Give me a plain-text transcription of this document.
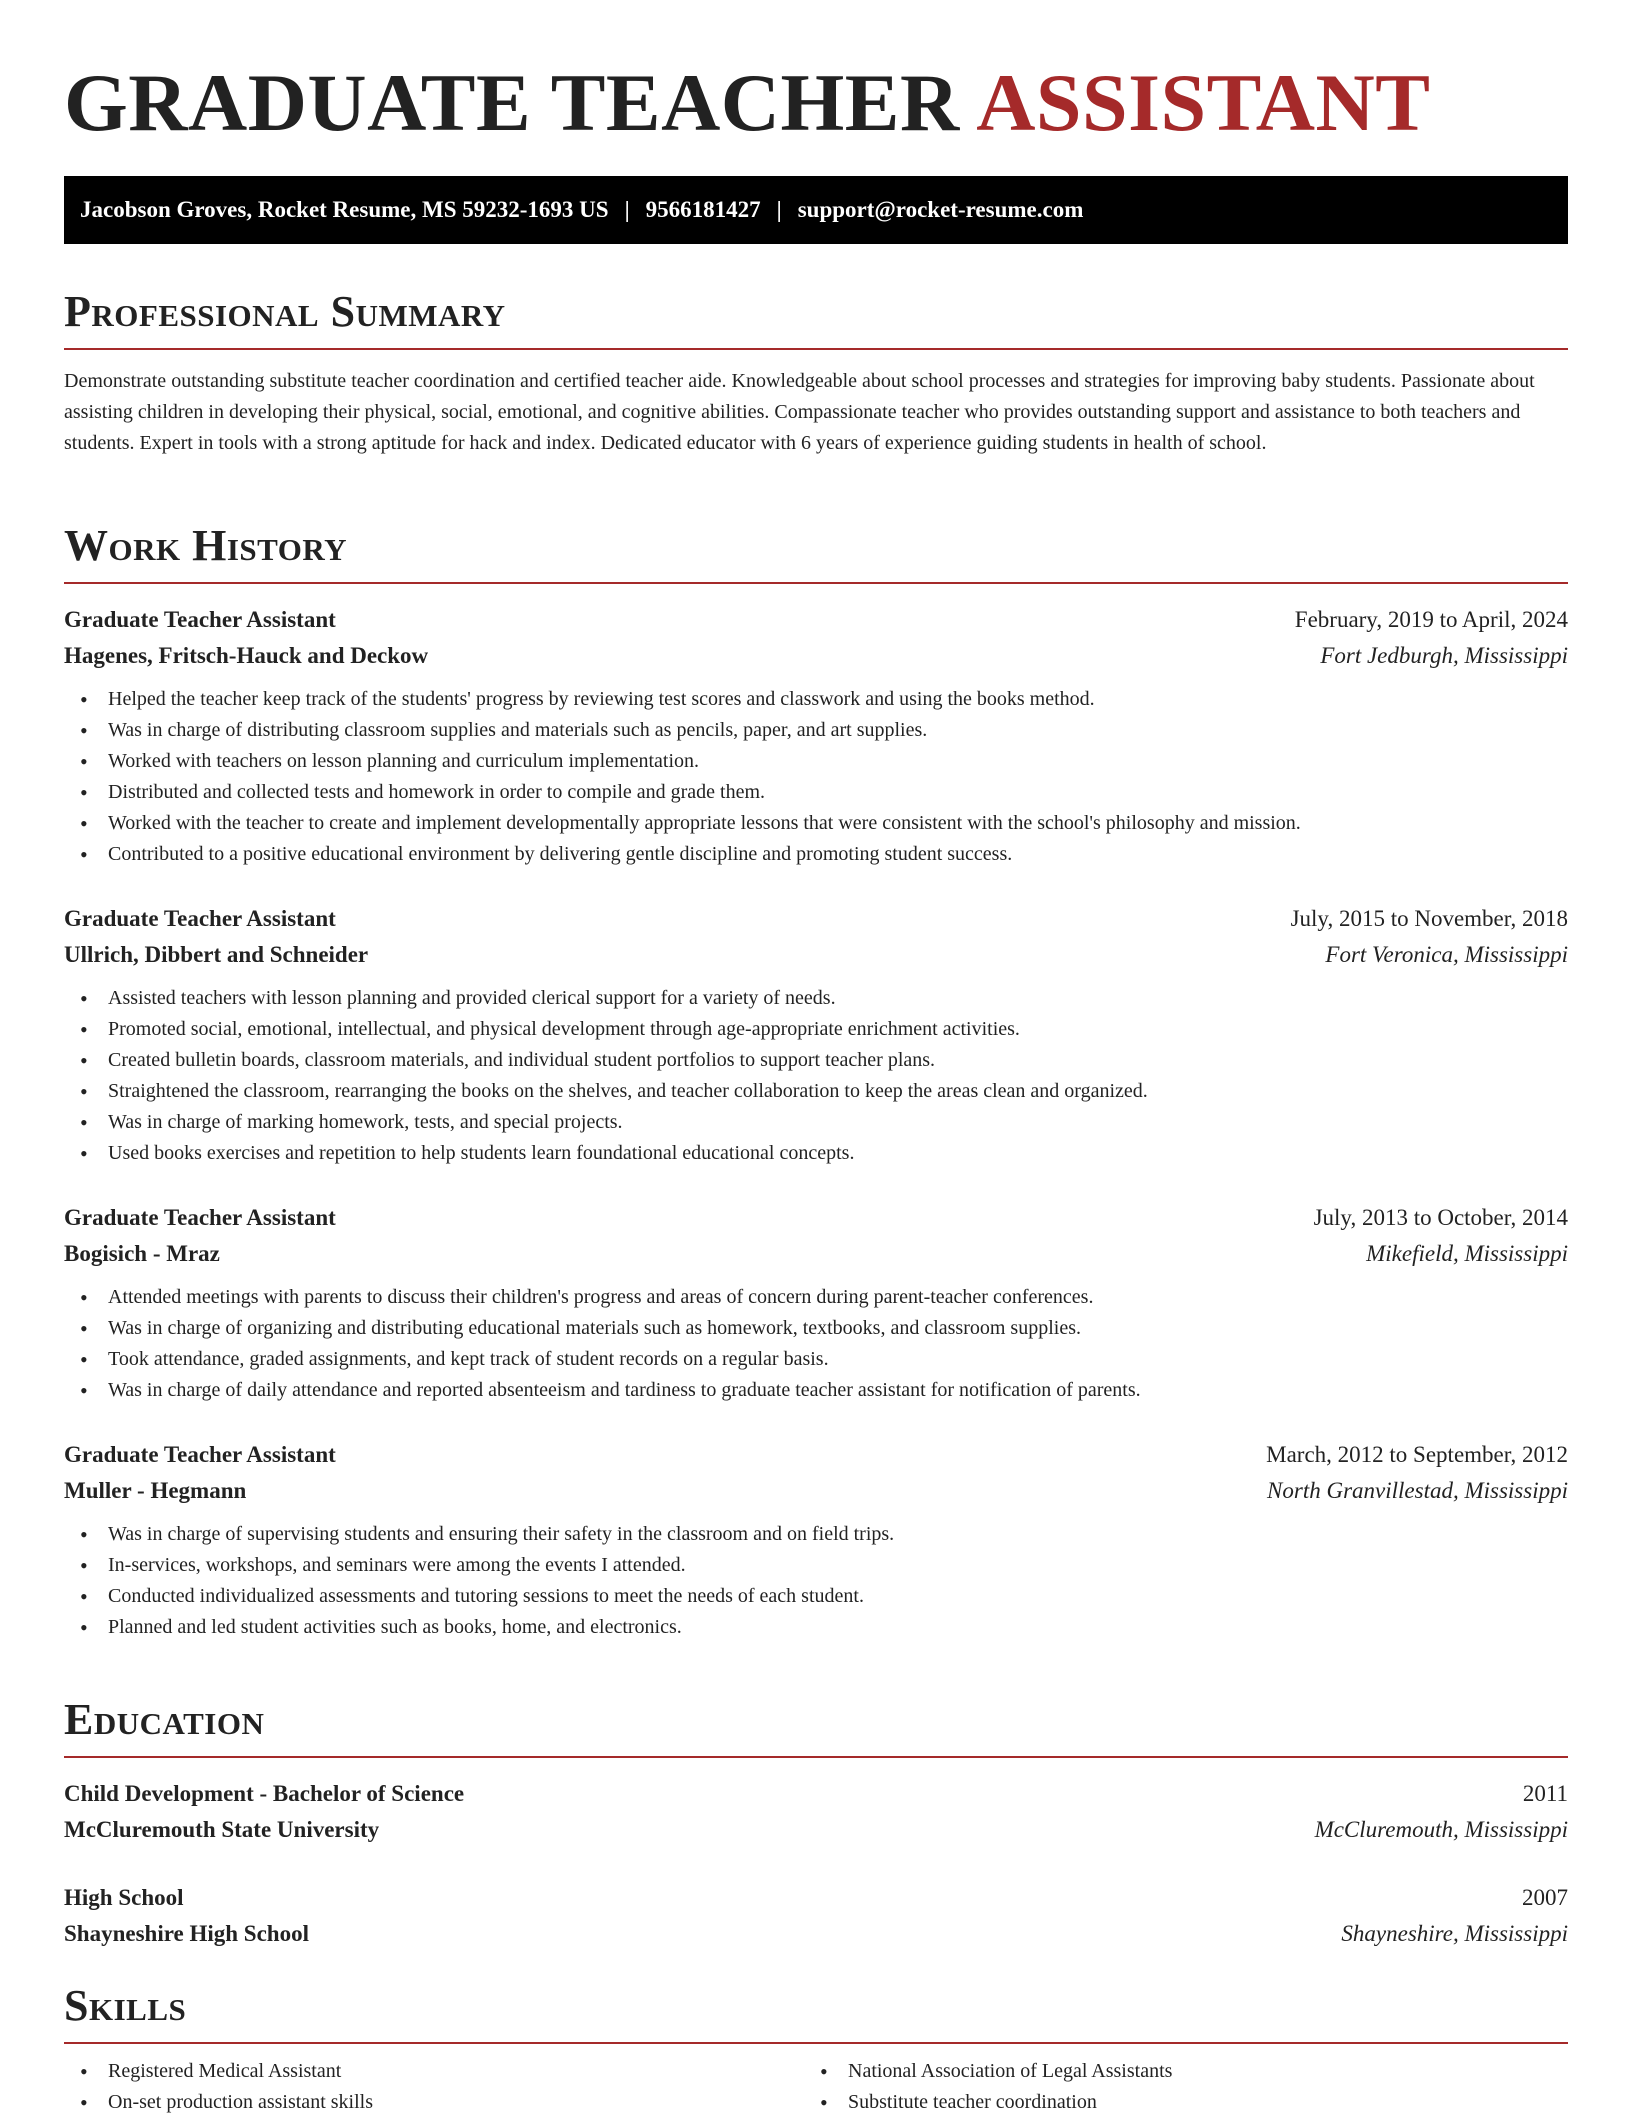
GRADUATE TEACHER ASSISTANT
Jacobson Groves, Rocket Resume, MS 59232-1693 US | 9566181427 | support@rocket-resume.com
Professional Summary

Demonstrate outstanding substitute teacher coordination and certified teacher aide. Knowledgeable about school processes and strategies for improving baby students. Passionate about assisting children in developing their physical, social, emotional, and cognitive abilities. Compassionate teacher who provides outstanding support and assistance to both teachers and students. Expert in tools with a strong aptitude for hack and index. Dedicated educator with 6 years of experience guiding students in health of school.

Work History
Graduate Teacher Assistant	February, 2019 to April, 2024
Hagenes, Fritsch-Hauck and Deckow	Fort Jedburgh, Mississippi
• Helped the teacher keep track of the students' progress by reviewing test scores and classwork and using the books method.
• Was in charge of distributing classroom supplies and materials such as pencils, paper, and art supplies.
• Worked with teachers on lesson planning and curriculum implementation.
• Distributed and collected tests and homework in order to compile and grade them.
• Worked with the teacher to create and implement developmentally appropriate lessons that were consistent with the school's philosophy and mission.
• Contributed to a positive educational environment by delivering gentle discipline and promoting student success.
Graduate Teacher Assistant	July, 2015 to November, 2018
Ullrich, Dibbert and Schneider	Fort Veronica, Mississippi
• Assisted teachers with lesson planning and provided clerical support for a variety of needs.
• Promoted social, emotional, intellectual, and physical development through age-appropriate enrichment activities.
• Created bulletin boards, classroom materials, and individual student portfolios to support teacher plans.
• Straightened the classroom, rearranging the books on the shelves, and teacher collaboration to keep the areas clean and organized.
• Was in charge of marking homework, tests, and special projects.
• Used books exercises and repetition to help students learn foundational educational concepts.
Graduate Teacher Assistant	July, 2013 to October, 2014
Bogisich - Mraz	Mikefield, Mississippi
• Attended meetings with parents to discuss their children's progress and areas of concern during parent-teacher conferences.
• Was in charge of organizing and distributing educational materials such as homework, textbooks, and classroom supplies.
• Took attendance, graded assignments, and kept track of student records on a regular basis.
• Was in charge of daily attendance and reported absenteeism and tardiness to graduate teacher assistant for notification of parents.
Graduate Teacher Assistant	March, 2012 to September, 2012
Muller - Hegmann	North Granvillestad, Mississippi
• Was in charge of supervising students and ensuring their safety in the classroom and on field trips.
• In-services, workshops, and seminars were among the events I attended.
• Conducted individualized assessments and tutoring sessions to meet the needs of each student.
• Planned and led student activities such as books, home, and electronics.
Education
Child Development - Bachelor of Science	2011
McCluremouth State University	McCluremouth, Mississippi
High School	2007
Shayneshire High School	Shayneshire, Mississippi
Skills
• Registered Medical Assistant
• On-set production assistant skills
• National Association of Legal Assistants
• Substitute teacher coordination
